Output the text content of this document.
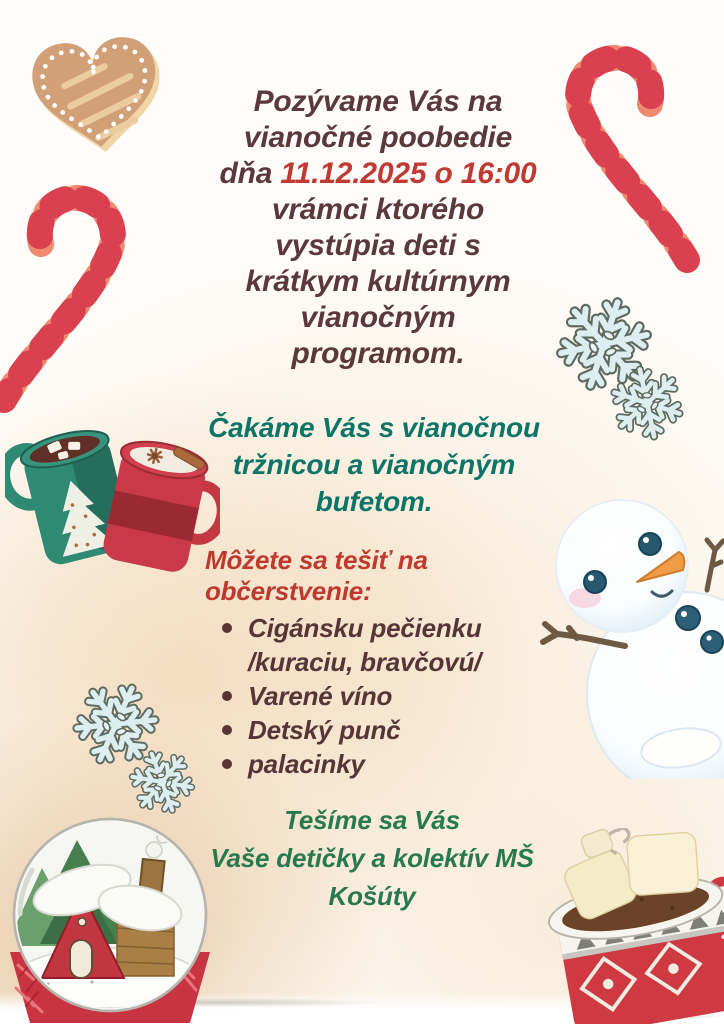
Pozývame Vás na
vianočné poobedie
dňa 11.12.2025 o 16:00
vrámci ktorého
vystúpia deti s
krátkym kultúrnym
vianočným
programom.
Čakáme Vás s vianočnou
tržnicou a vianočným
bufetom.
Môžete sa tešiť na
občerstvenie:
Cigánsku pečienku
/kuraciu, bravčovú/
Varené víno
Detský punč
palacinky
Tešíme sa Vás
Vaše detičky a kolektív MŠ
Košúty
